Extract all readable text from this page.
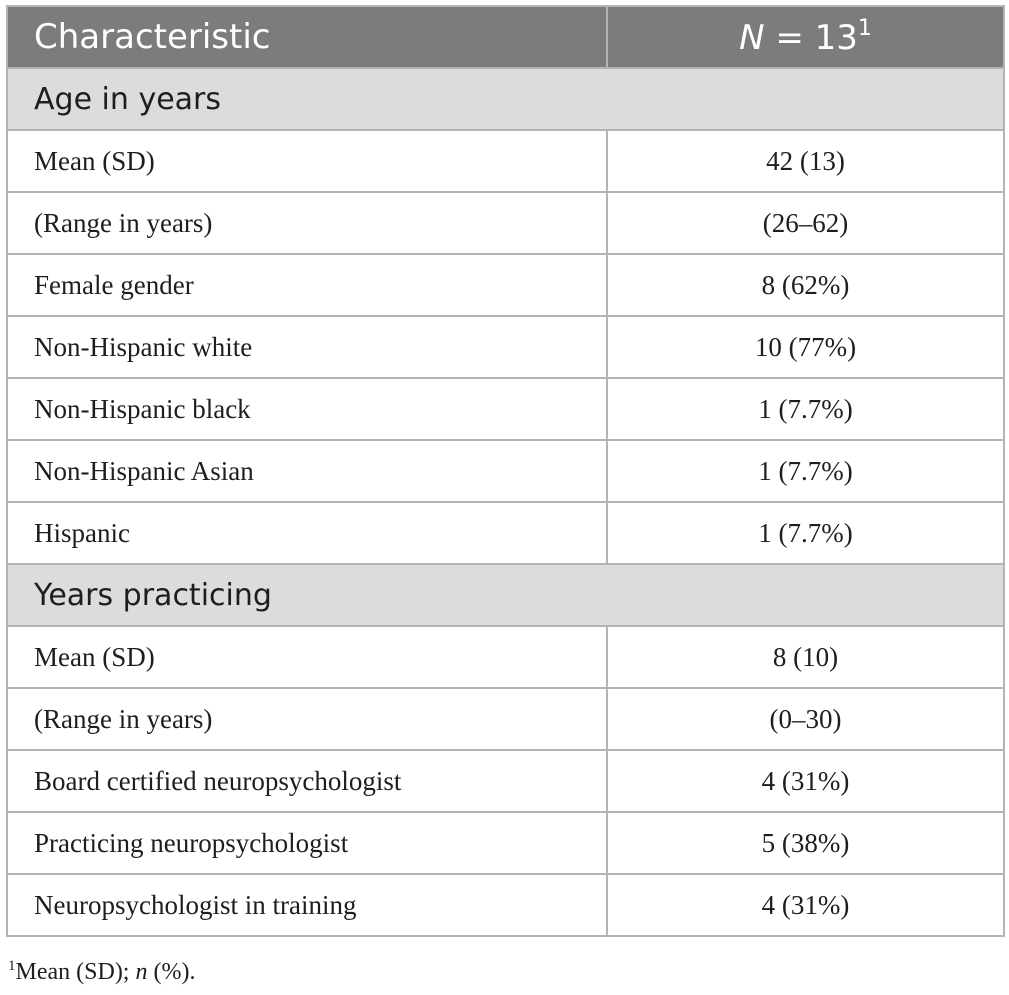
Characteristic	$N = 13^1$
Age in years	
Mean (SD)	42 (13)
(Range in years)	(26–62)
Female gender	8 (62%)
Non-Hispanic white	10 (77%)
Non-Hispanic black	1 (7.7%)
Non-Hispanic Asian	1 (7.7%)
Hispanic	1 (7.7%)
Years practicing	
Mean (SD)	8 (10)
(Range in years)	(0–30)
Board certified neuropsychologist	4 (31%)
Practicing neuropsychologist	5 (38%)
Neuropsychologist in training	4 (31%)
$^1$Mean (SD); n (%).
